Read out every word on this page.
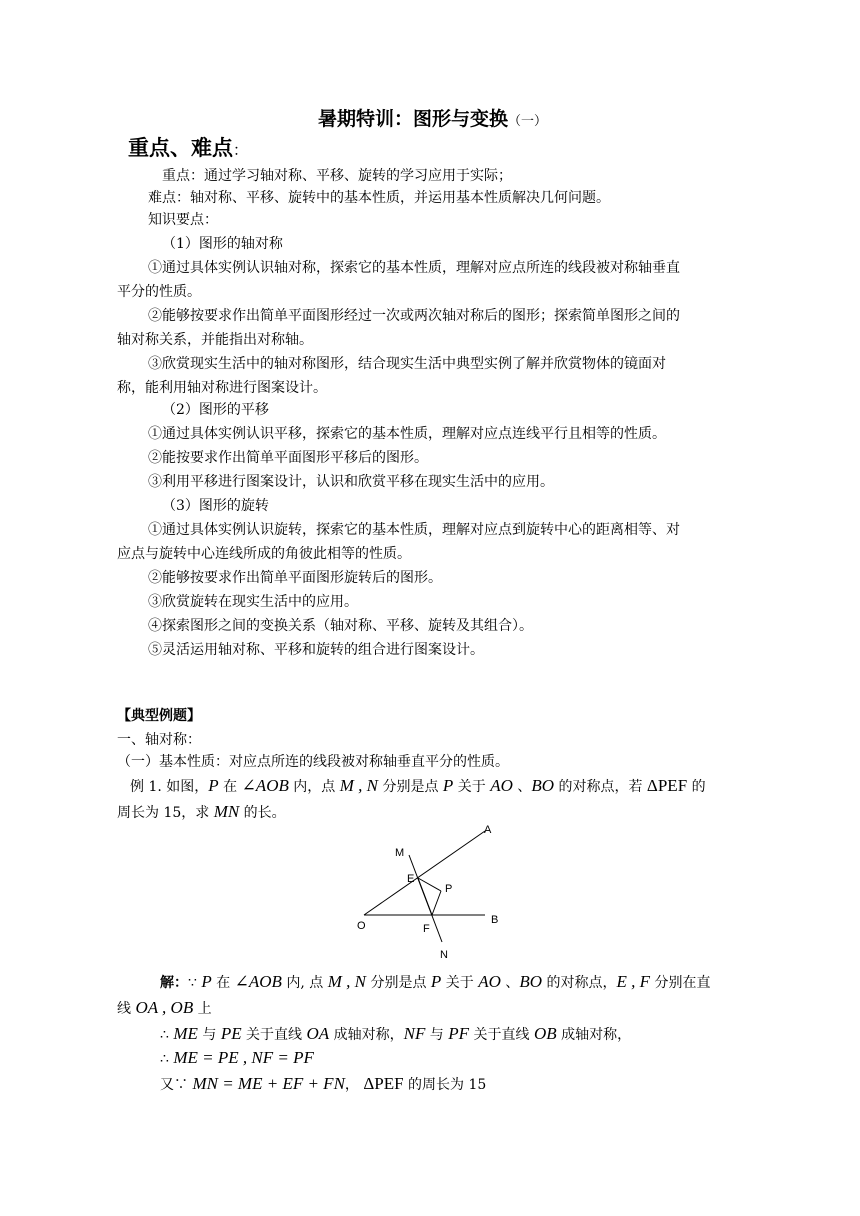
暑期特训：图形与变换（一）
重点、难点：
重点：通过学习轴对称、平移、旋转的学习应用于实际；
难点：轴对称、平移、旋转中的基本性质，并运用基本性质解决几何问题。
知识要点：
（1）图形的轴对称
①通过具体实例认识轴对称，探索它的基本性质，理解对应点所连的线段被对称轴垂直
平分的性质。
②能够按要求作出简单平面图形经过一次或两次轴对称后的图形；探索简单图形之间的
轴对称关系，并能指出对称轴。
③欣赏现实生活中的轴对称图形，结合现实生活中典型实例了解并欣赏物体的镜面对
称，能利用轴对称进行图案设计。
（2）图形的平移
①通过具体实例认识平移，探索它的基本性质，理解对应点连线平行且相等的性质。
②能按要求作出简单平面图形平移后的图形。
③利用平移进行图案设计，认识和欣赏平移在现实生活中的应用。
（3）图形的旋转
①通过具体实例认识旋转，探索它的基本性质，理解对应点到旋转中心的距离相等、对
应点与旋转中心连线所成的角彼此相等的性质。
②能够按要求作出简单平面图形旋转后的图形。
③欣赏旋转在现实生活中的应用。
④探索图形之间的变换关系（轴对称、平移、旋转及其组合）。
⑤灵活运用轴对称、平移和旋转的组合进行图案设计。
【典型例题】
一、轴对称：
（一）基本性质：对应点所连的线段被对称轴垂直平分的性质。
例 1. 如图，P 在 ∠AOB 内，点 M , N 分别是点 P 关于 AO 、BO 的对称点，若 ΔPEF 的
周长为 15，求 MN 的长。
A
M
E
P
O	B
F
N
解：∵ P 在 ∠AOB 内, 点 M , N 分别是点 P 关于 AO 、BO 的对称点，E , F 分别在直
线 OA , OB 上
∴ ME 与 PE 关于直线 OA 成轴对称，NF 与 PF 关于直线 OB 成轴对称，
∴ ME = PE , NF = PF
又∵ MN = ME + EF + FN， ΔPEF 的周长为 15
